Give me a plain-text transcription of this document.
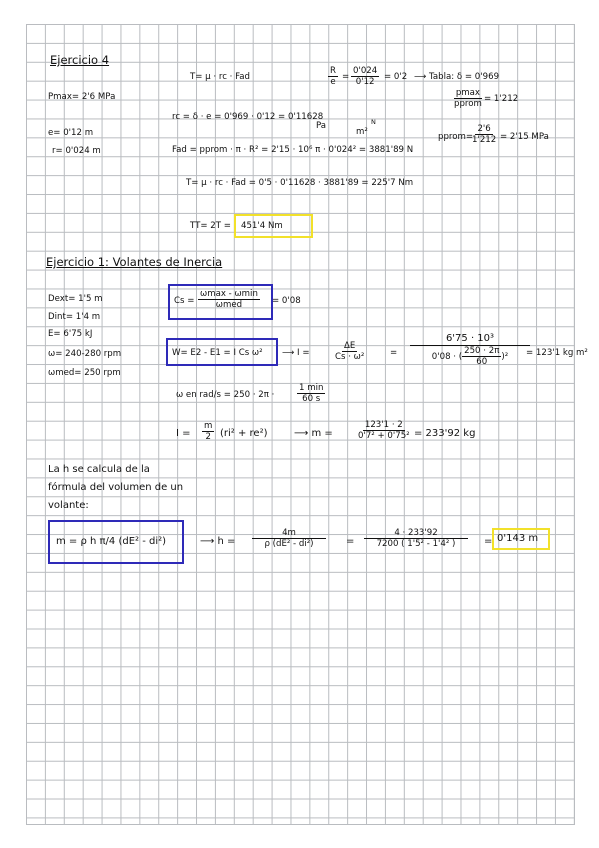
Ejercicio 4
Pmax= 2'6 MPa
e= 0'12 m
r= 0'024 m
T= μ · rc · Fad	$\frac{R}{e} = \frac{0'024}{0'12} = 0'2$ ⟶ Tabla: δ = 0'969
pmax
pprom = 1'212
rc = δ · e = 0'969 · 0'12 = 0'11628
Pa	N
m²	pprom=
$\frac{2'6}{1'212} = 2'15$ MPa
Fad = pprom · π · R² = 2'15 · 10⁶ π · 0'024² = 3881'89 N
T= μ · rc · Fad = 0'5 · 0'11628 · 3881'89 = 225'7 Nm
TT= 2T = 451'4 Nm
Ejercicio 1: Volantes de Inercia
Dext= 1'5 m
Dint= 1'4 m
E= 6'75 kJ
ω= 240-280 rpm
ωmed= 250 rpm
Cs =
ωmax - ωmin
ωmed	= 0'08
W= E2 - E1 = I Cs ω² ⟶ I =	$\frac{\Delta E}{\text{Cs · ω²}}$	=
6'75 · 10³
0'08 · ( $\frac{250 \cdot 2\pi}{60} )^2 = 123'1$ kg m²
ω en rad/s = 250 · 2π ·
1 min
60 s
$I = \frac{m}{2} (ri^2 + re^2)$	⟶ m =	$\frac{123'1 \cdot 2}{\text{0'7² + 0'75²}} = 233'92$ kg
La h se calcula de la
fórmula del volumen de un
volante:
m = ρ h π/4 (dE² - di²)	⟶ $h = \frac{4m}{\text{ρ (dE² - di²)}} = \frac{4 \cdot 233'92}{\text{7200 ( 1'5² - 1'4² )}} = 0'143$ m
